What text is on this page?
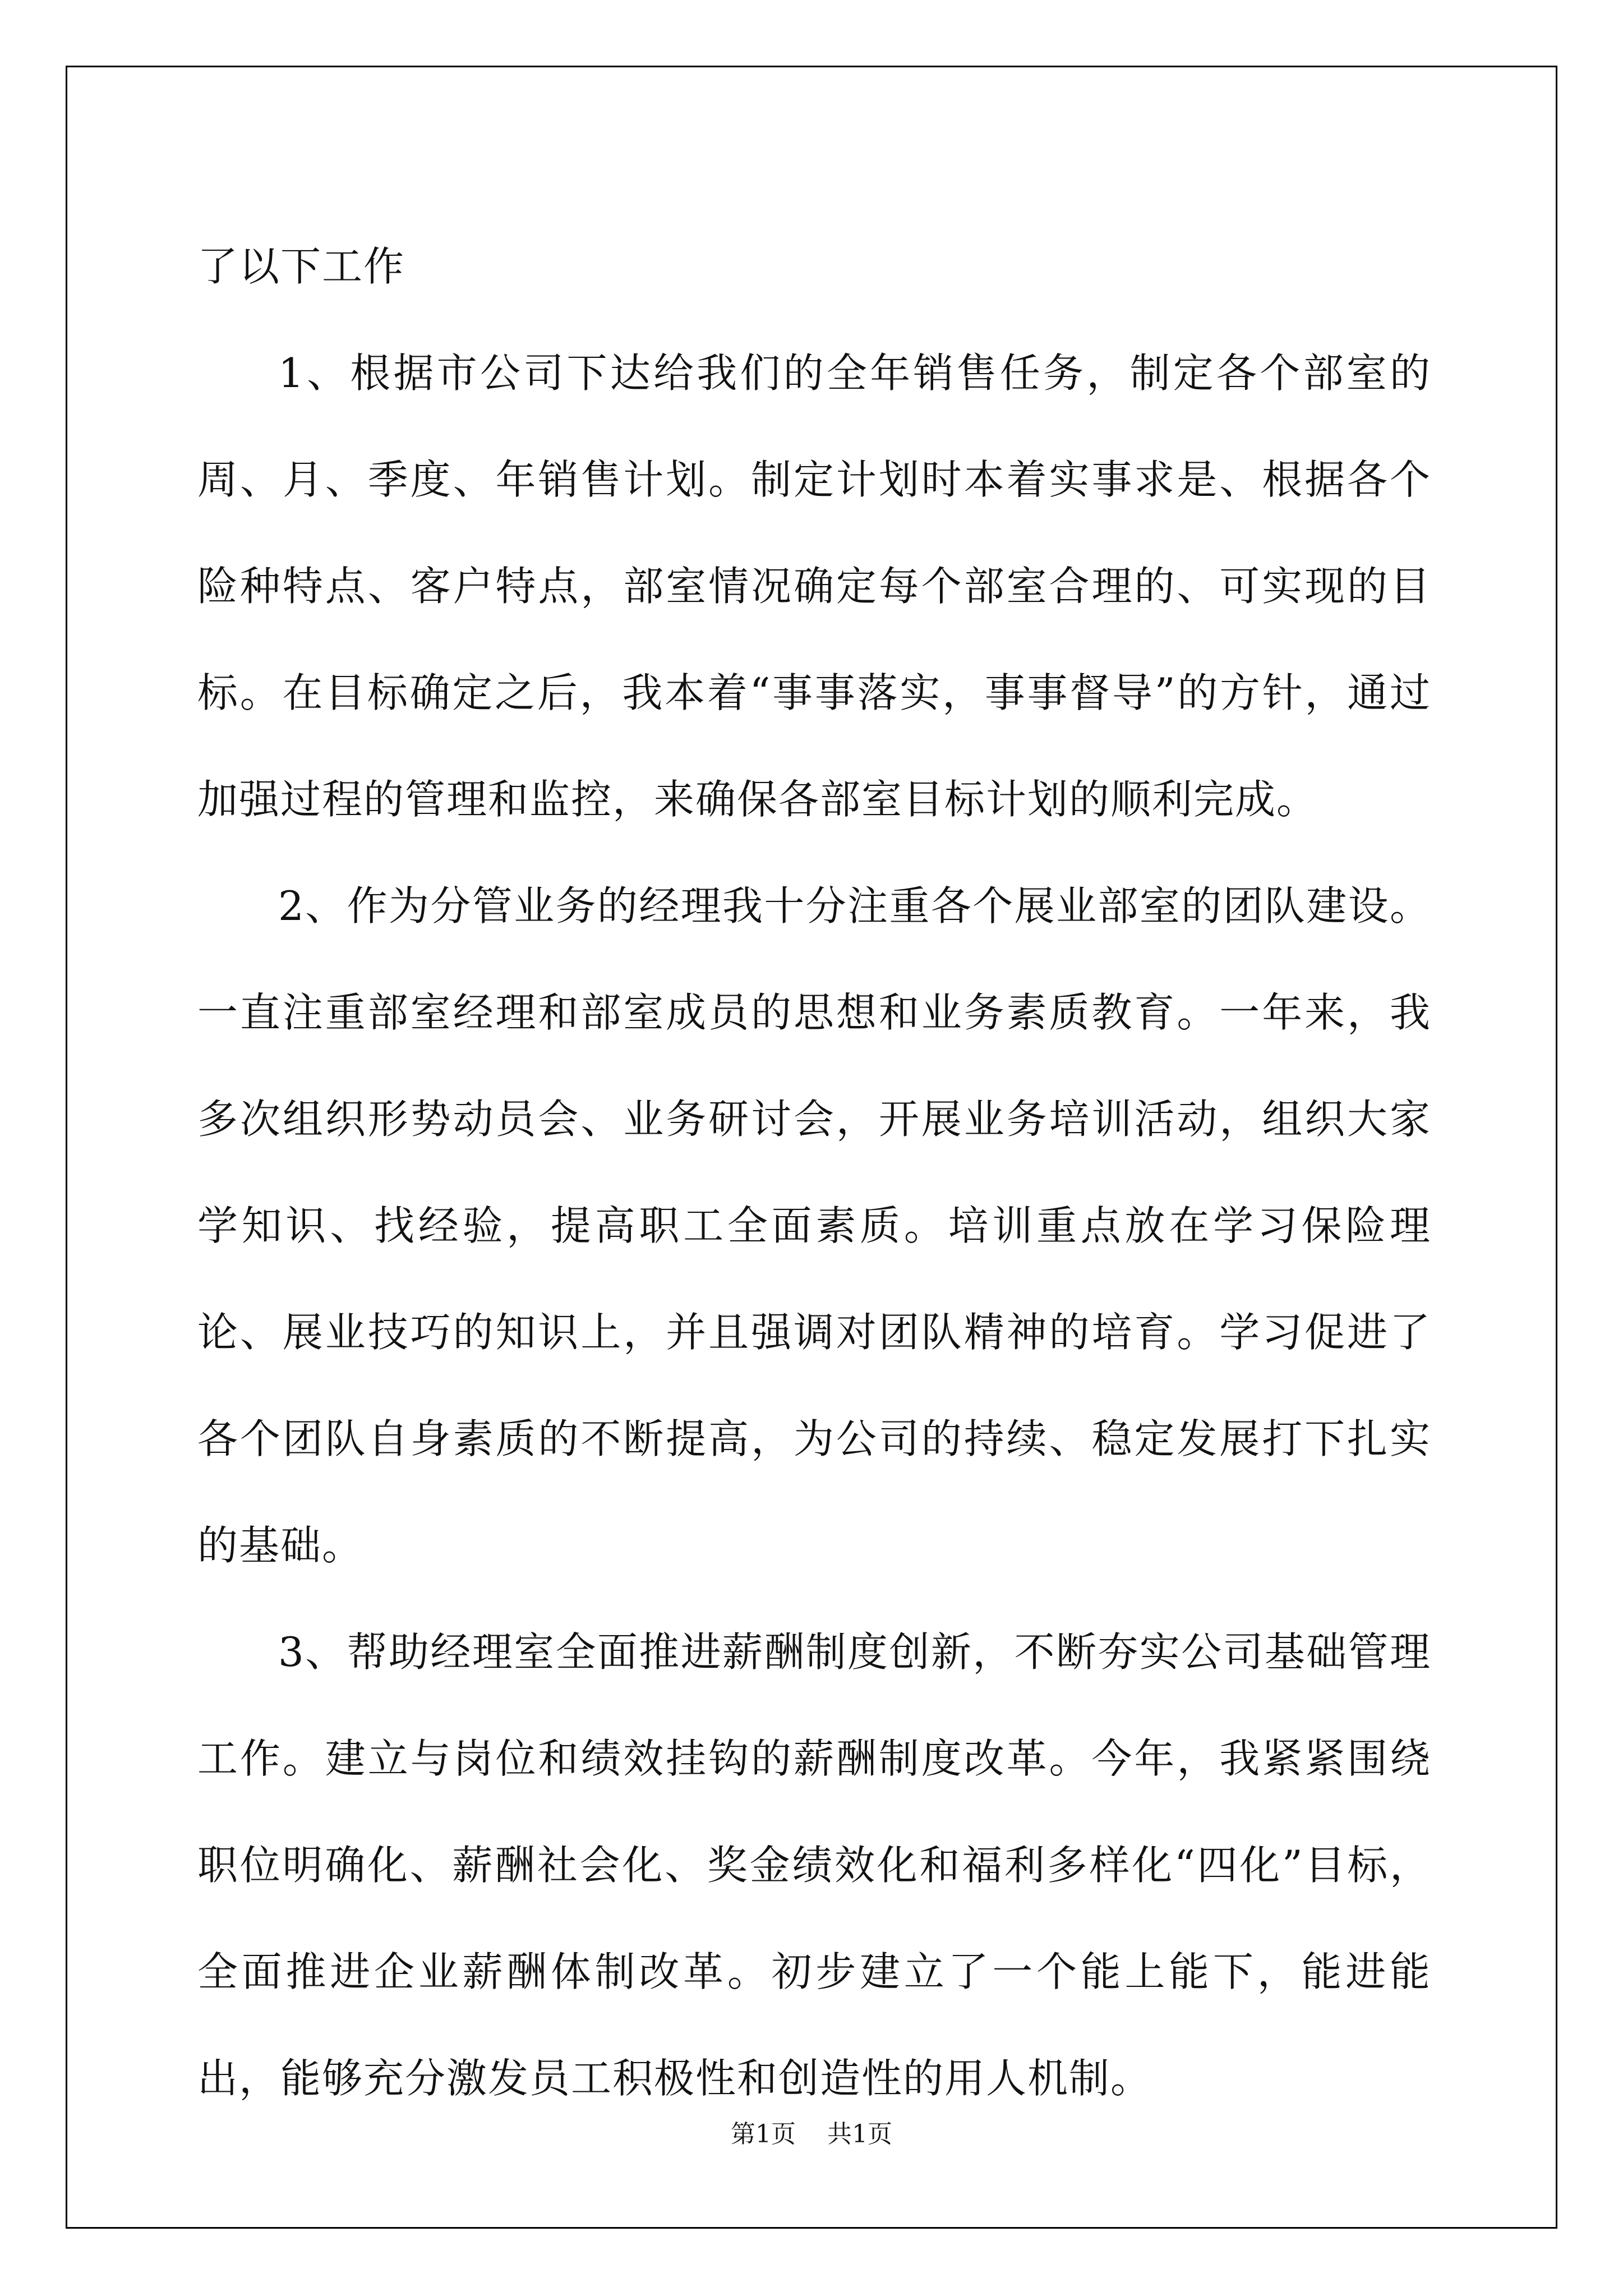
了以下工作

1、根据市公司下达给我们的全年销售任务，制定各个部室的周、月、季度、年销售计划。制定计划时本着实事求是、根据各个险种特点、客户特点，部室情况确定每个部室合理的、可实现的目标。在目标确定之后，我本着“事事落实，事事督导”的方针，通过加强过程的管理和监控，来确保各部室目标计划的顺利完成。

2、作为分管业务的经理我十分注重各个展业部室的团队建设。一直注重部室经理和部室成员的思想和业务素质教育。一年来，我多次组织形势动员会、业务研讨会，开展业务培训活动，组织大家学知识、找经验，提高职工全面素质。培训重点放在学习保险理论、展业技巧的知识上，并且强调对团队精神的培育。学习促进了各个团队自身素质的不断提高，为公司的持续、稳定发展打下扎实的基础。

3、帮助经理室全面推进薪酬制度创新，不断夯实公司基础管理工作。建立与岗位和绩效挂钩的薪酬制度改革。今年，我紧紧围绕职位明确化、薪酬社会化、奖金绩效化和福利多样化“四化”目标，全面推进企业薪酬体制改革。初步建立了一个能上能下，能进能出，能够充分激发员工积极性和创造性的用人机制。

第1页 共1页
